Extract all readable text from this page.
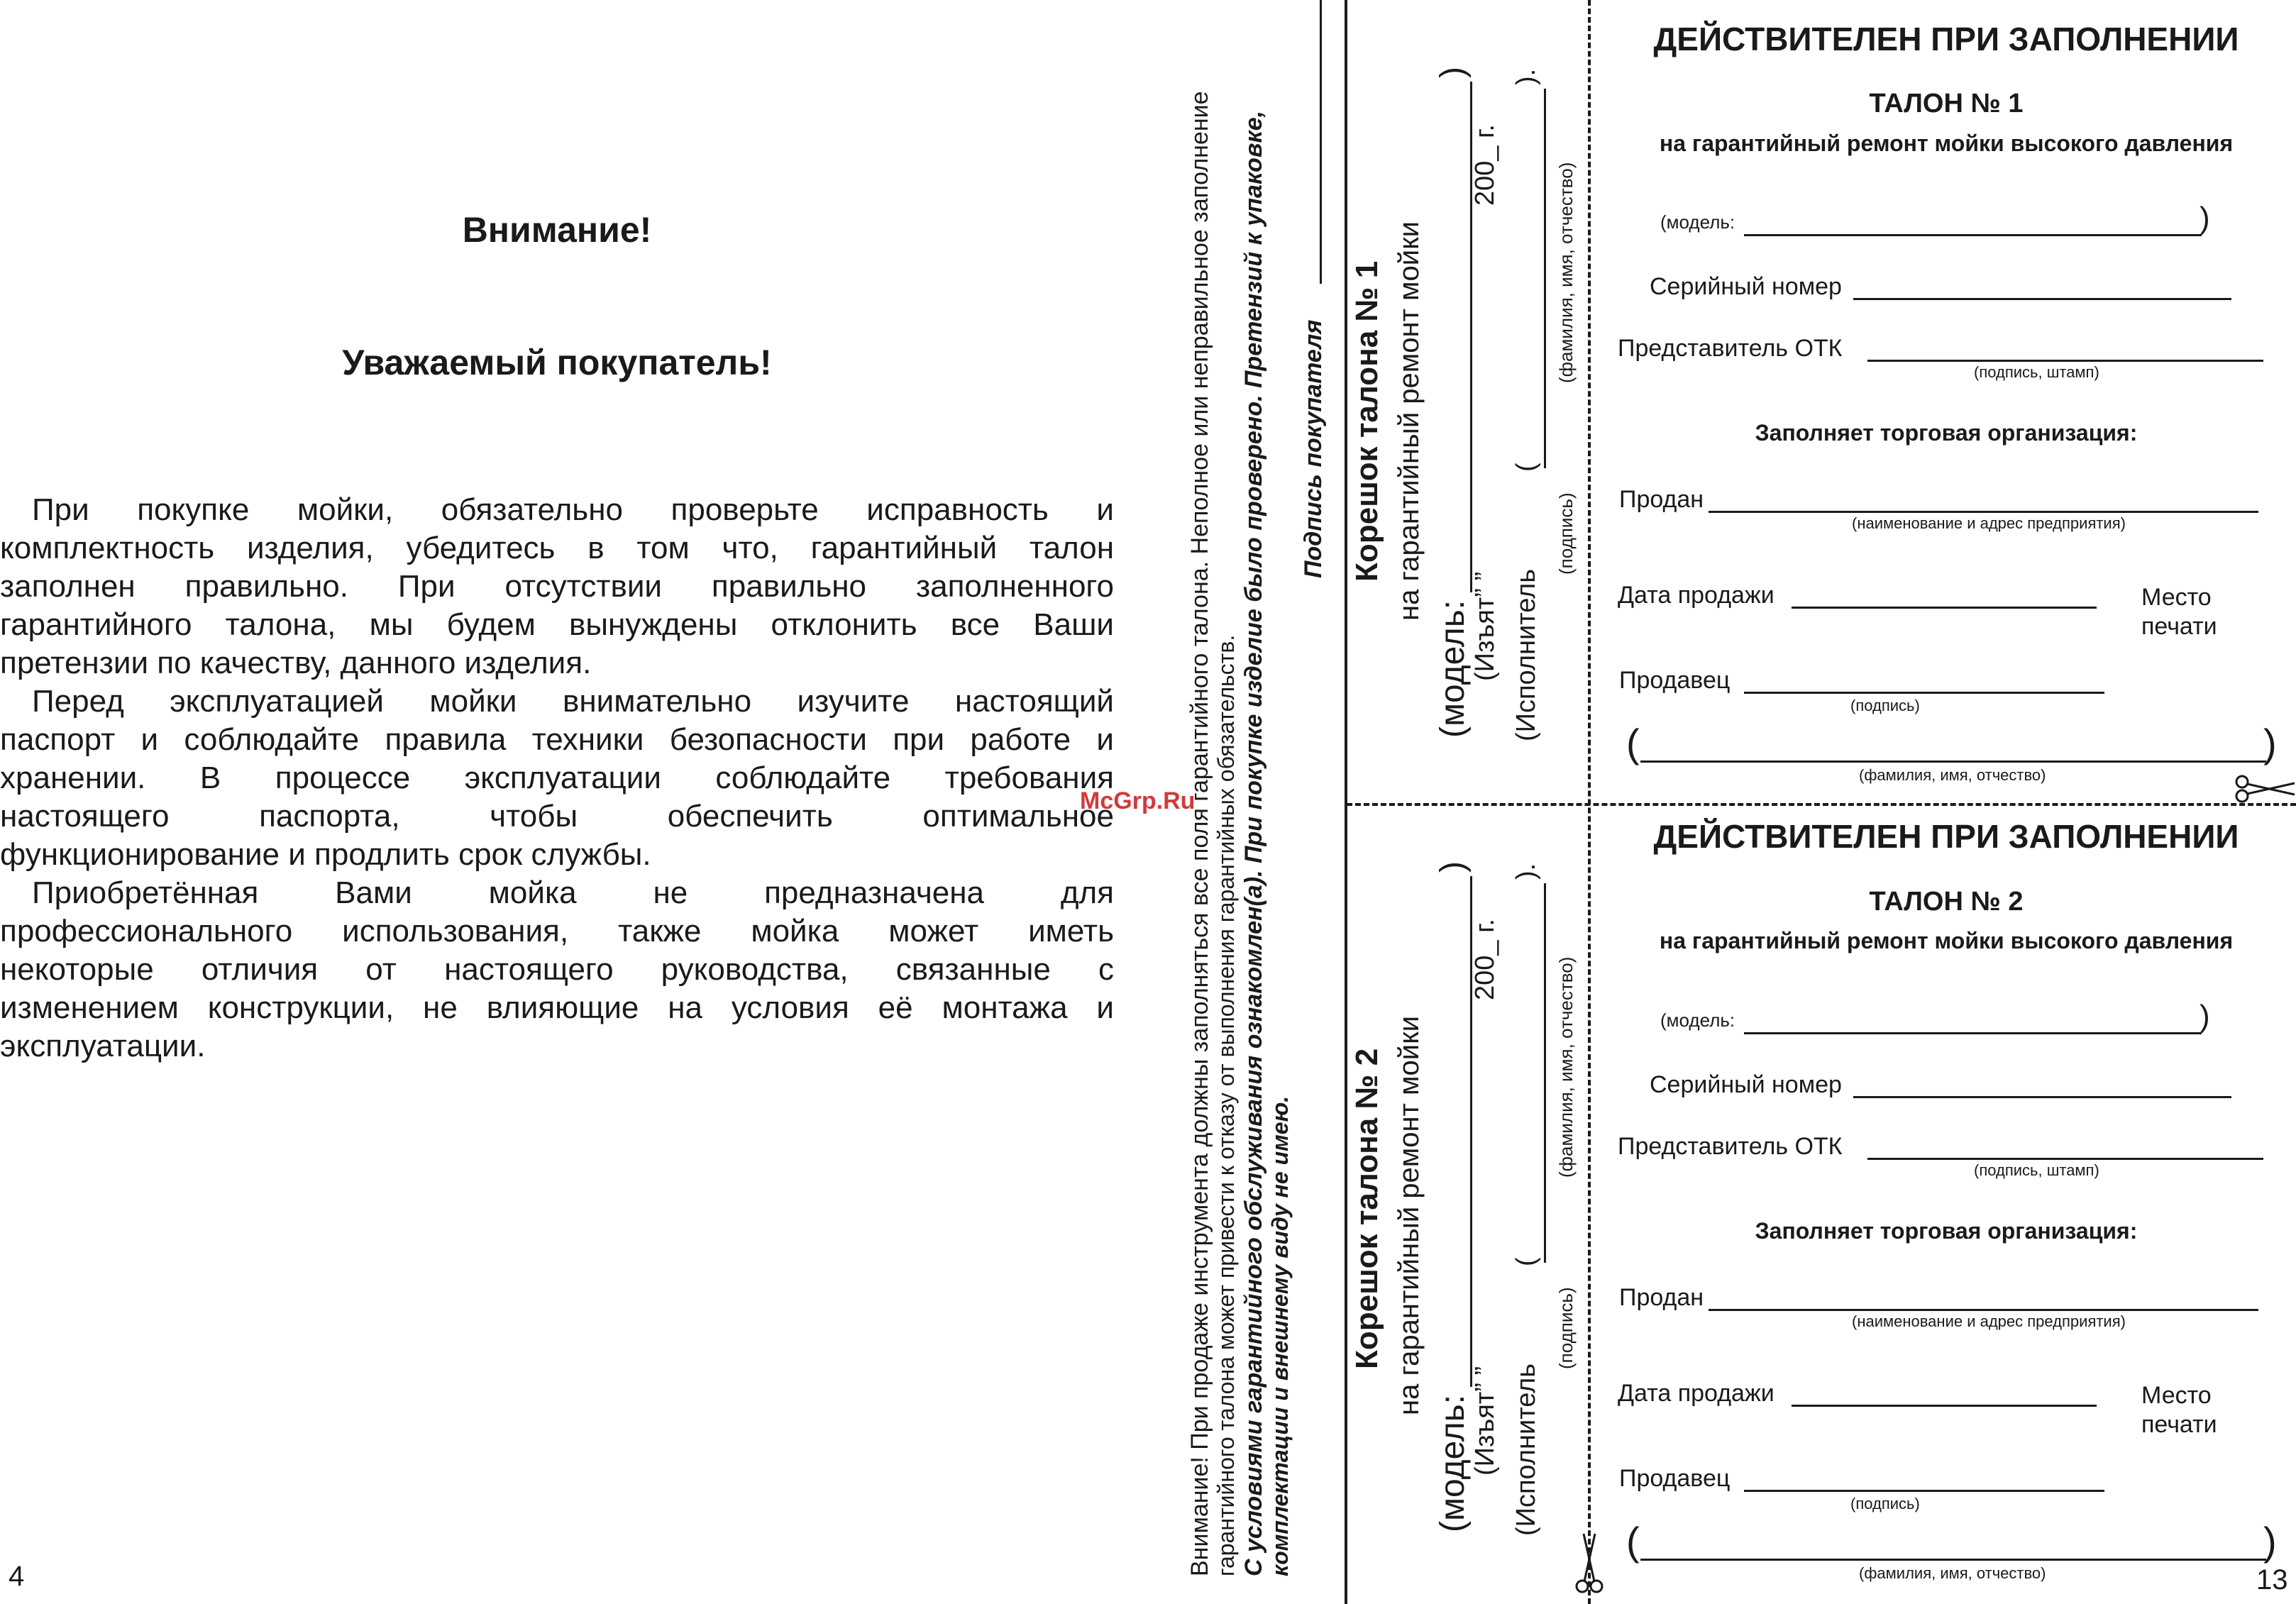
Внимание!
Уважаемый покупатель!
При покупке мойки, обязательно проверьте исправность и
комплектность изделия, убедитесь в том что, гарантийный талон
заполнен правильно. При отсутствии правильно заполненного
гарантийного талона, мы будем вынуждены отклонить все Ваши
претензии по качеству, данного изделия.
Перед эксплуатацией мойки внимательно изучите настоящий
паспорт и соблюдайте правила техники безопасности при работе и
хранении. В процессе эксплуатации соблюдайте требования
настоящего паспорта, чтобы обеспечить оптимальное
функционирование и продлить срок службы.
Приобретённая Вами мойка не предназначена для
профессионального использования, также мойка может иметь
некоторые отличия от настоящего руководства, связанные с
изменением конструкции, не влияющие на условия её монтажа и
эксплуатации.
4	Внимание! При продаже инструмента должны заполняться все поля гарантийного талона. Неполное или неправильное заполнение гарантийного талона может привести к отказу от выполнения гарантийных обязательств. С условиями гарантийного обслуживания ознакомлен(а). При покупке изделие было проверено. Претензий к упаковке, комплектации и внешнему виду не имею.
Подпись покупателя Корешок талона № 1 на гарантийный ремонт мойки
(модель:
)
(Изъят” ”
200_ г.
(Исполнитель
(
).
(подпись)
(фамилия, имя, отчество)
Корешок талона № 2 на гарантийный ремонт мойки
(модель:
)
(Изъят” ”
200_ г.
(Исполнитель
(
).
(подпись)
(фамилия, имя, отчество)
ДЕЙСТВИТЕЛЕН ПРИ ЗАПОЛНЕНИИ
ТАЛОН № 1
на гарантийный ремонт мойки высокого давления
(модель:	)
Серийный номер
Представитель ОТК
(подпись, штамп)
Заполняет торговая организация:
Продан
(наименование и адрес предприятия)
Дата продажи	Место
печати
Продавец
(подпись)
(	)
(фамилия, имя, отчество)
ДЕЙСТВИТЕЛЕН ПРИ ЗАПОЛНЕНИИ
ТАЛОН № 2
на гарантийный ремонт мойки высокого давления
(модель:	)
Серийный номер
Представитель ОТК
(подпись, штамп)
Заполняет торговая организация:
Продан
(наименование и адрес предприятия)
Дата продажи	Место
печати
Продавец
(подпись)
(	)
(фамилия, имя, отчество)	13
McGrp.Ru
